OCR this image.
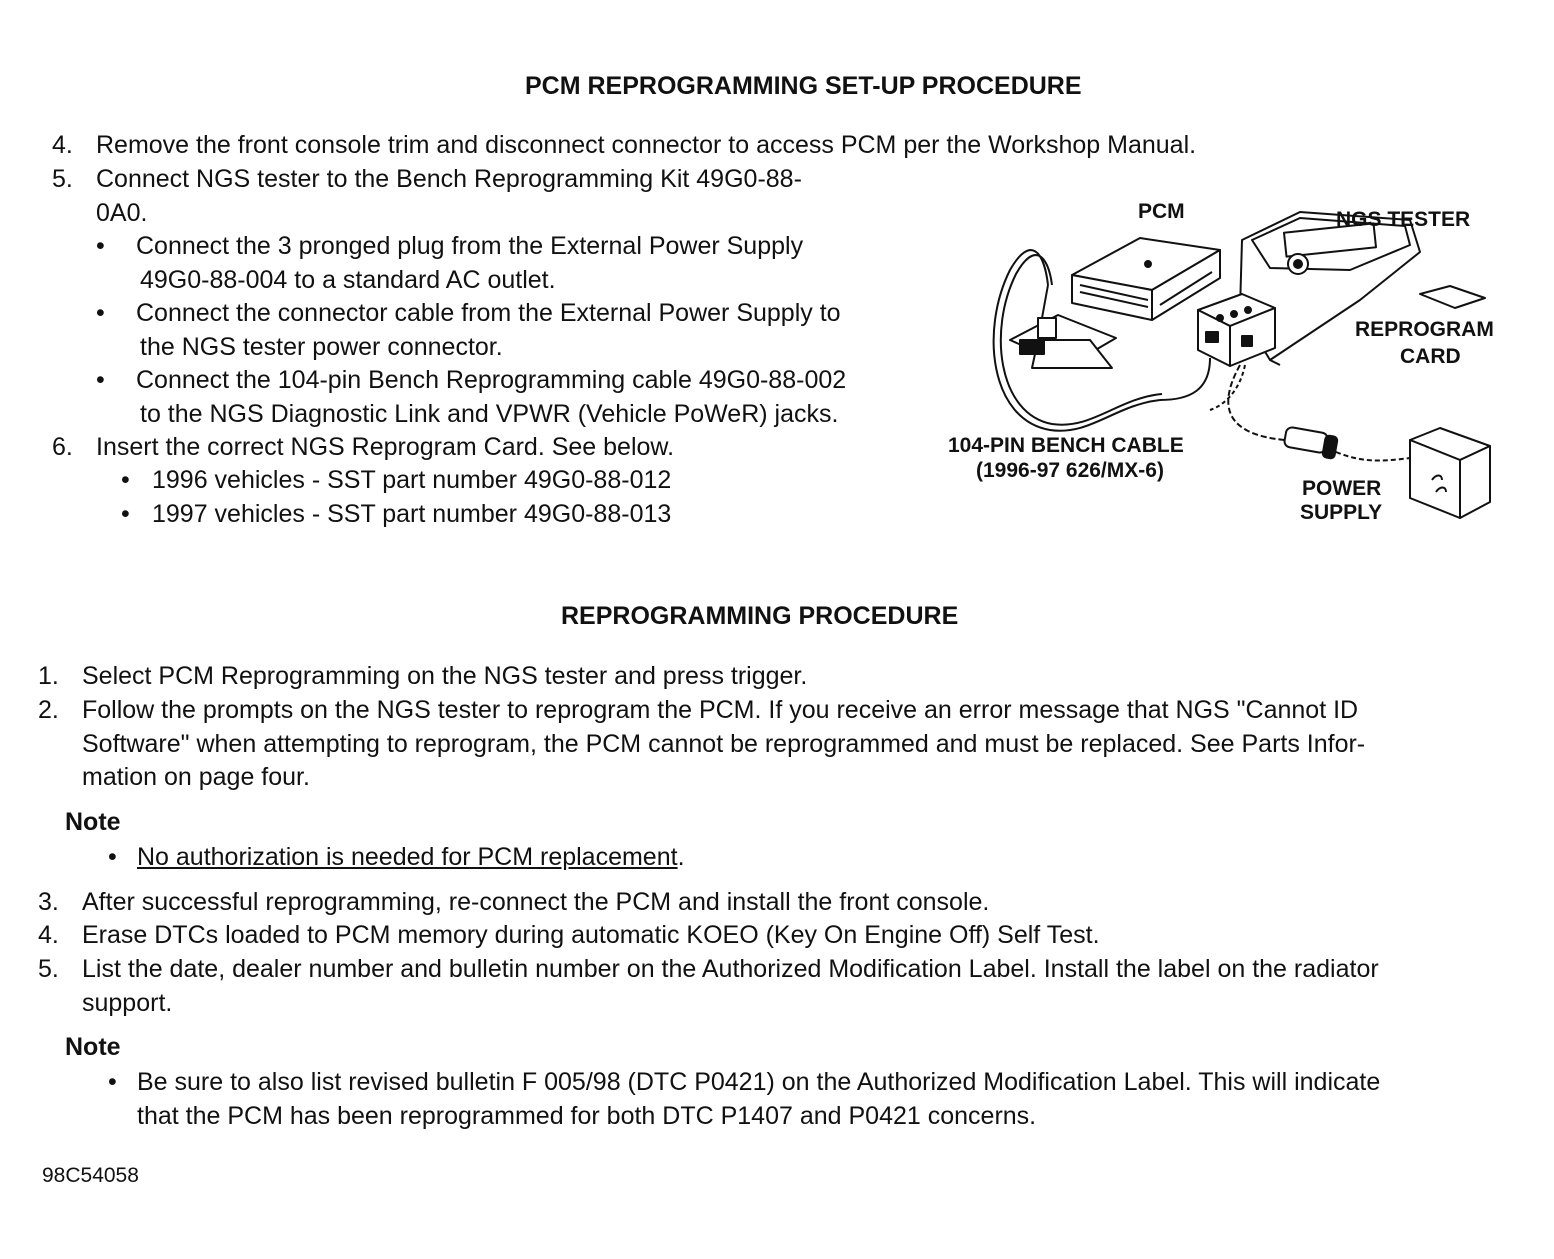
PCM REPROGRAMMING SET-UP PROCEDURE
4. Remove the front console trim and disconnect connector to access PCM per the Workshop Manual.
5. Connect NGS tester to the Bench Reprogramming Kit 49G0-88-
0A0.
• Connect the 3 pronged plug from the External Power Supply
49G0-88-004 to a standard AC outlet.
• Connect the connector cable from the External Power Supply to
the NGS tester power connector.
• Connect the 104-pin Bench Reprogramming cable 49G0-88-002
to the NGS Diagnostic Link and VPWR (Vehicle PoWeR) jacks.
6. Insert the correct NGS Reprogram Card. See below.
• 1996 vehicles - SST part number 49G0-88-012
• 1997 vehicles - SST part number 49G0-88-013
PCM	NGS TESTER
REPROGRAM
CARD
104-PIN BENCH CABLE
(1996-97 626/MX-6)
POWER
SUPPLY
REPROGRAMMING PROCEDURE
1. Select PCM Reprogramming on the NGS tester and press trigger.
2. Follow the prompts on the NGS tester to reprogram the PCM. If you receive an error message that NGS "Cannot ID
Software" when attempting to reprogram, the PCM cannot be reprogrammed and must be replaced. See Parts Infor-
mation on page four.
Note
• No authorization is needed for PCM replacement.
3. After successful reprogramming, re-connect the PCM and install the front console.
4. Erase DTCs loaded to PCM memory during automatic KOEO (Key On Engine Off) Self Test.
5. List the date, dealer number and bulletin number on the Authorized Modification Label. Install the label on the radiator
support.
Note
• Be sure to also list revised bulletin F 005/98 (DTC P0421) on the Authorized Modification Label. This will indicate
that the PCM has been reprogrammed for both DTC P1407 and P0421 concerns.
98C54058
